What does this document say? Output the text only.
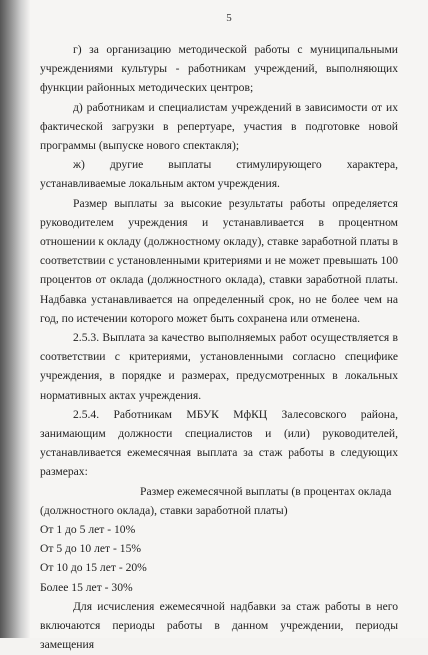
5

г) за организацию методической работы с муниципальными учреждениями культуры - работникам учреждений, выполняющих функции районных методических центров;

д) работникам и специалистам учреждений в зависимости от их фактической загрузки в репертуаре, участия в подготовке новой программы (выпуске нового спектакля);

ж) другие выплаты стимулирующего характера, устанавливаемые локальным актом учреждения.

Размер выплаты за высокие результаты работы определяется руководителем учреждения и устанавливается в процентном отношении к окладу (должностному окладу), ставке заработной платы в соответствии с установленными критериями и не может превышать 100 процентов от оклада (должностного оклада), ставки заработной платы. Надбавка устанавливается на определенный срок, но не более чем на год, по истечении которого может быть сохранена или отменена.

2.5.3. Выплата за качество выполняемых работ осуществляется в соответствии с критериями, установленными согласно специфике учреждения, в порядке и размерах, предусмотренных в локальных нормативных актах учреждения.

2.5.4. Работникам МБУК МфКЦ Залесовского района, занимающим должности специалистов и (или) руководителей, устанавливается ежемесячная выплата за стаж работы в следующих размерах:

Размер ежемесячной выплаты (в процентах оклада

(должностного оклада), ставки заработной платы)

От 1 до 5 лет - 10%

От 5 до 10 лет - 15%

От 10 до 15 лет - 20%

Более 15 лет - 30%

Для исчисления ежемесячной надбавки за стаж работы в него включаются периоды работы в данном учреждении, периоды замещения
